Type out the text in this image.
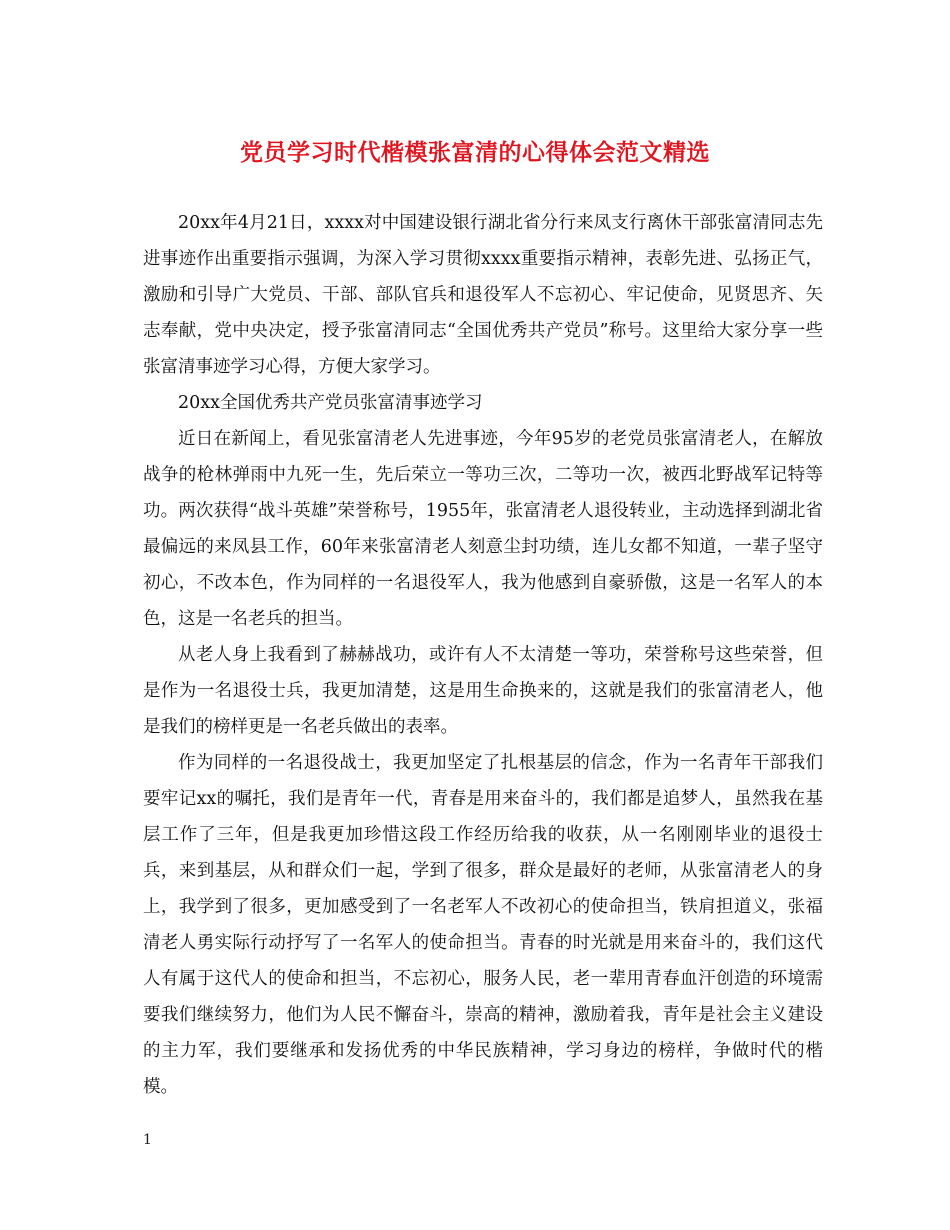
党员学习时代楷模张富清的心得体会范文精选

20xx年4月21日，xxxx对中国建设银行湖北省分行来凤支行离休干部张富清同志先进事迹作出重要指示强调，为深入学习贯彻xxxx重要指示精神，表彰先进、弘扬正气，激励和引导广大党员、干部、部队官兵和退役军人不忘初心、牢记使命，见贤思齐、矢志奉献，党中央决定，授予张富清同志“全国优秀共产党员”称号。这里给大家分享一些张富清事迹学习心得，方便大家学习。

20xx全国优秀共产党员张富清事迹学习

近日在新闻上，看见张富清老人先进事迹，今年95岁的老党员张富清老人，在解放战争的枪林弹雨中九死一生，先后荣立一等功三次，二等功一次，被西北野战军记特等功。两次获得“战斗英雄”荣誉称号，1955年，张富清老人退役转业，主动选择到湖北省最偏远的来凤县工作，60年来张富清老人刻意尘封功绩，连儿女都不知道，一辈子坚守初心，不改本色，作为同样的一名退役军人，我为他感到自豪骄傲，这是一名军人的本色，这是一名老兵的担当。

从老人身上我看到了赫赫战功，或许有人不太清楚一等功，荣誉称号这些荣誉，但是作为一名退役士兵，我更加清楚，这是用生命换来的，这就是我们的张富清老人，他是我们的榜样更是一名老兵做出的表率。

作为同样的一名退役战士，我更加坚定了扎根基层的信念，作为一名青年干部我们要牢记xx的嘱托，我们是青年一代，青春是用来奋斗的，我们都是追梦人，虽然我在基层工作了三年，但是我更加珍惜这段工作经历给我的收获，从一名刚刚毕业的退役士兵，来到基层，从和群众们一起，学到了很多，群众是最好的老师，从张富清老人的身上，我学到了很多，更加感受到了一名老军人不改初心的使命担当，铁肩担道义，张福清老人勇实际行动抒写了一名军人的使命担当。青春的时光就是用来奋斗的，我们这代人有属于这代人的使命和担当，不忘初心，服务人民，老一辈用青春血汗创造的环境需要我们继续努力，他们为人民不懈奋斗，崇高的精神，激励着我，青年是社会主义建设的主力军，我们要继承和发扬优秀的中华民族精神，学习身边的榜样，争做时代的楷模。

1
